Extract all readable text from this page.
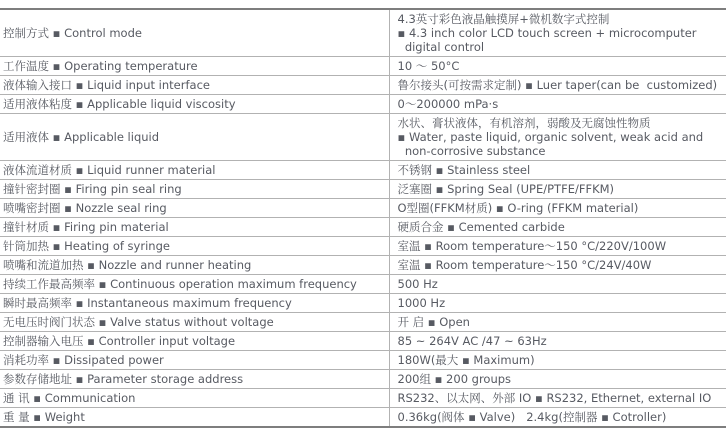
控制方式 ▪ Control mode	4.3英寸彩色液晶触摸屏+微机数字式控制
▪ 4.3 inch color LCD touch screen + microcomputer
digital control

工作温度 ▪ Operating temperature	10 ～ 50°C

液体输入接口 ▪ Liquid input interface	鲁尔接头(可按需求定制) ▪ Luer taper(can be  customized)

适用液体粘度 ▪ Applicable liquid viscosity	0～200000 mPa·s

适用液体 ▪ Applicable liquid	水状、膏状液体，有机溶剂，弱酸及无腐蚀性物质
▪ Water, paste liquid, organic solvent, weak acid and
non-corrosive substance

液体流道材质 ▪ Liquid runner material	不锈钢 ▪ Stainless steel

撞针密封圈 ▪ Firing pin seal ring	泛塞圈 ▪ Spring Seal (UPE/PTFE/FFKM)

喷嘴密封圈 ▪ Nozzle seal ring	O型圈(FFKM材质) ▪ O-ring (FFKM material)

撞针材质 ▪ Firing pin material	硬质合金 ▪ Cemented carbide

针筒加热 ▪ Heating of syringe	室温 ▪ Room temperature～150 °C/220V/100W

喷嘴和流道加热 ▪ Nozzle and runner heating	室温 ▪ Room temperature～150 °C/24V/40W

持续工作最高频率 ▪ Continuous operation maximum frequency	500 Hz

瞬时最高频率 ▪ Instantaneous maximum frequency	1000 Hz

无电压时阀门状态 ▪ Valve status without voltage	开 启 ▪ Open

控制器输入电压 ▪ Controller input voltage	85 ~ 264V AC /47 ~ 63Hz

消耗功率 ▪ Dissipated power	180W(最大 ▪ Maximum)

参数存储地址 ▪ Parameter storage address	200组 ▪ 200 groups

通 讯 ▪ Communication	RS232、以太网、外部 IO ▪ RS232, Ethernet, external IO

重 量 ▪ Weight	0.36kg(阀体 ▪ Valve)   2.4kg(控制器 ▪ Cotroller)
